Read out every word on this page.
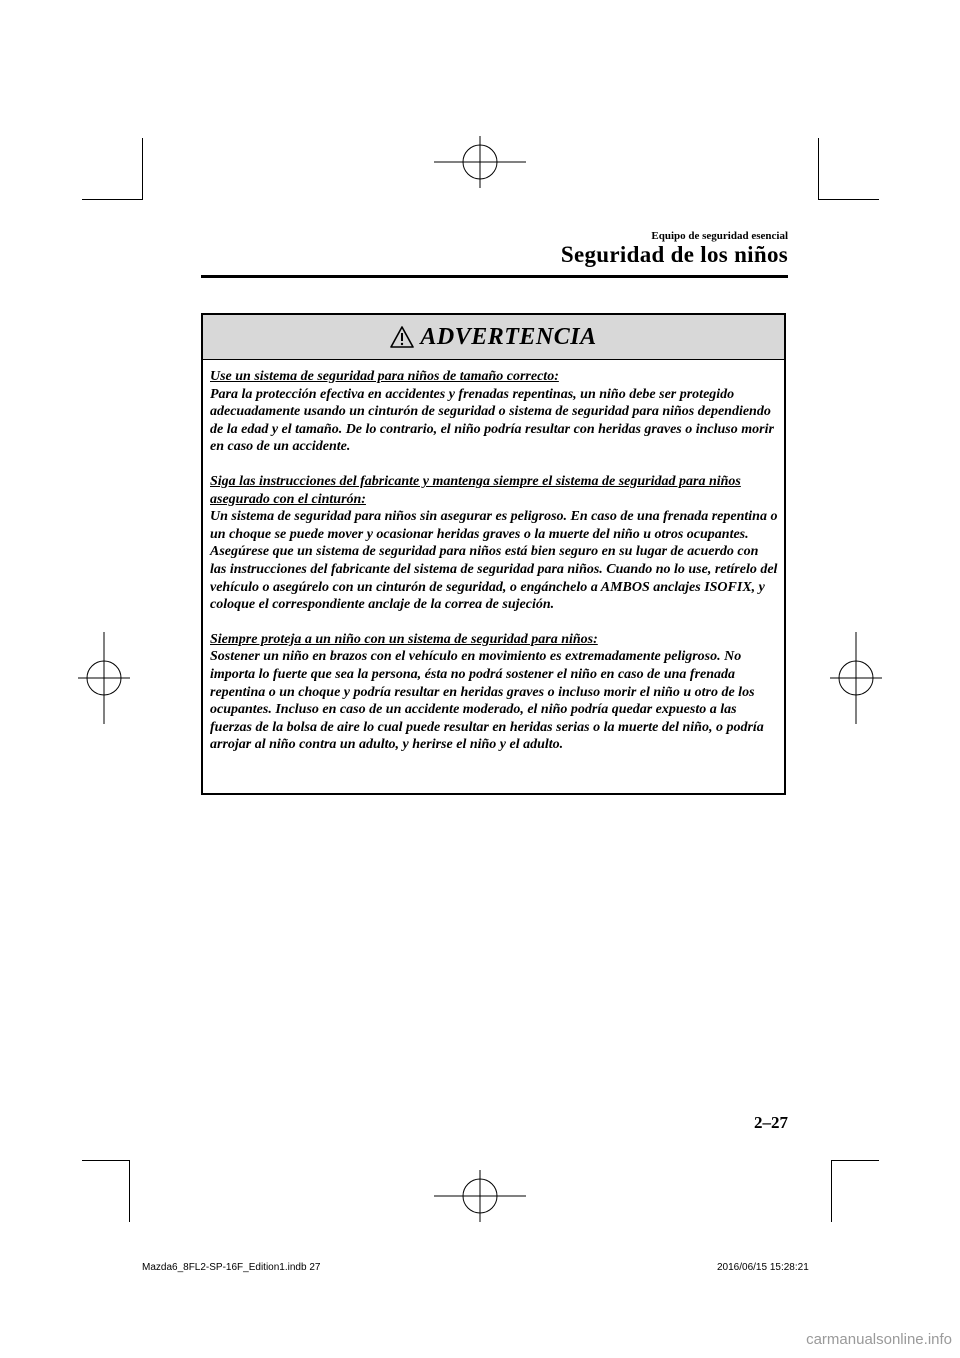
Equipo de seguridad esencial
Seguridad de los niños
ADVERTENCIA
Use un sistema de seguridad para niños de tamaño correcto:
Para la protección efectiva en accidentes y frenadas repentinas, un niño debe ser protegido adecuadamente usando un cinturón de seguridad o sistema de seguridad para niños dependiendo de la edad y el tamaño. De lo contrario, el niño podría resultar con heridas graves o incluso morir en caso de un accidente.
Siga las instrucciones del fabricante y mantenga siempre el sistema de seguridad para niños asegurado con el cinturón:
Un sistema de seguridad para niños sin asegurar es peligroso. En caso de una frenada repentina o un choque se puede mover y ocasionar heridas graves o la muerte del niño u otros ocupantes. Asegúrese que un sistema de seguridad para niños está bien seguro en su lugar de acuerdo con las instrucciones del fabricante del sistema de seguridad para niños. Cuando no lo use, retírelo del vehículo o asegúrelo con un cinturón de seguridad, o engánchelo a AMBOS anclajes ISOFIX, y coloque el correspondiente anclaje de la correa de sujeción.
Siempre proteja a un niño con un sistema de seguridad para niños:
Sostener un niño en brazos con el vehículo en movimiento es extremadamente peligroso. No importa lo fuerte que sea la persona, ésta no podrá sostener el niño en caso de una frenada repentina o un choque y podría resultar en heridas graves o incluso morir el niño u otro de los ocupantes. Incluso en caso de un accidente moderado, el niño podría quedar expuesto a las fuerzas de la bolsa de aire lo cual puede resultar en heridas serias o la muerte del niño, o podría arrojar al niño contra un adulto, y herirse el niño y el adulto.
2–27
Mazda6_8FL2-SP-16F_Edition1.indb 27	2016/06/15 15:28:21
carmanualsonline.info
